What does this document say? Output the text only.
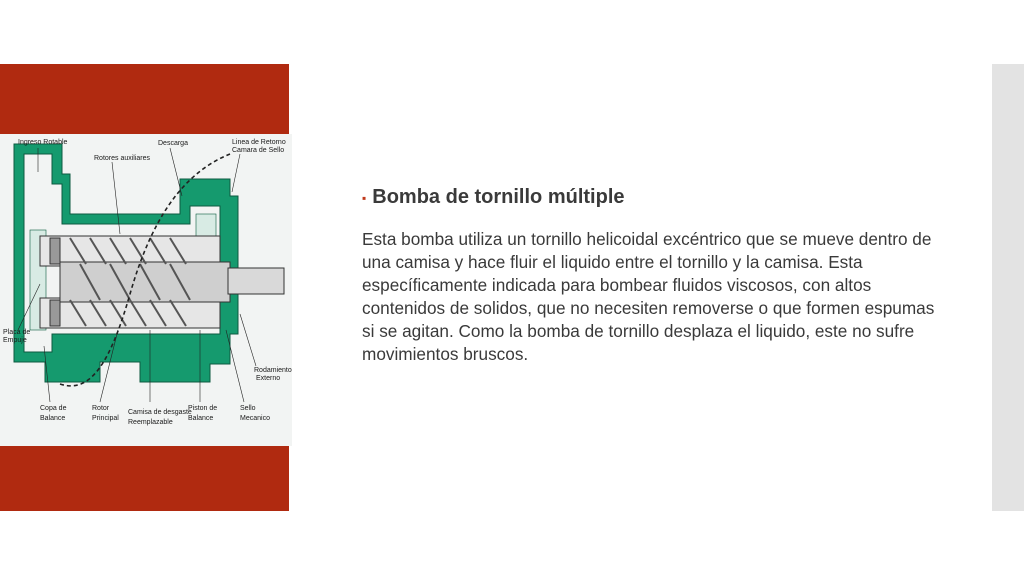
Ingreso Rotable	Descarga
Rotores auxiliares
Linea de Retorno
Camara de Sello
Placa de
Empuje
Rodamiento
Externo
Copa de
Balance
Rotor
Principal
Camisa de desgaste
Reemplazable
Piston de
Balance
Sello
Mecanico
▪ Bomba de tornillo múltiple
Esta bomba utiliza un tornillo helicoidal excéntrico que se mueve dentro de una camisa y hace fluir el liquido entre el tornillo y la camisa. Esta específicamente indicada para bombear fluidos viscosos, con altos contenidos de solidos, que no necesiten removerse o que formen espumas si se agitan. Como la bomba de tornillo desplaza el liquido, este no sufre movimientos bruscos.
